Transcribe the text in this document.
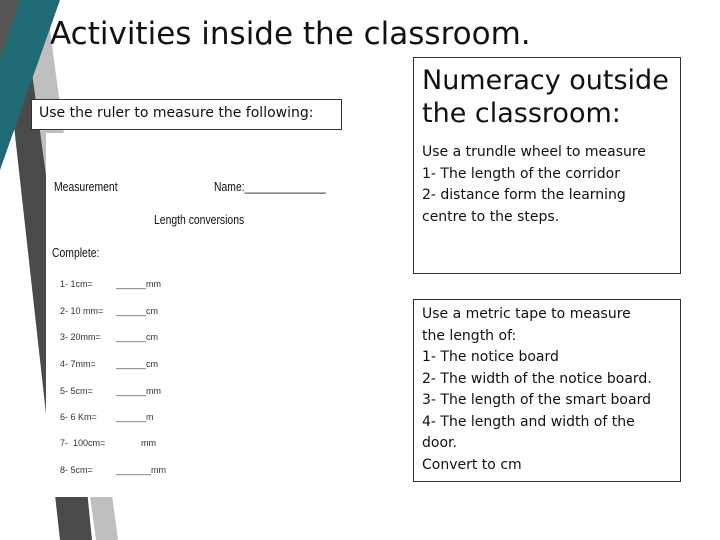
Activities inside the classroom.
Use the ruler to measure the following:
Measurement	Name:______________
Length conversions
Complete:
1- 1cm=	______mm
2- 10 mm= ______cm
3- 20mm= ______cm
4- 7mm= ______cm
5- 5cm=	______mm
6- 6 Km= ______m
7-  100cm=          mm
8- 5cm=	_______mm
Numeracy outside the classroom:
Use a trundle wheel to measure
1- The length of the corridor
2- distance form the learning centre to the steps.
Use a metric tape to measure
the length of:
1- The notice board
2- The width of the notice board.
3- The length of the smart board
4- The length and width of the
door.
Convert to cm
